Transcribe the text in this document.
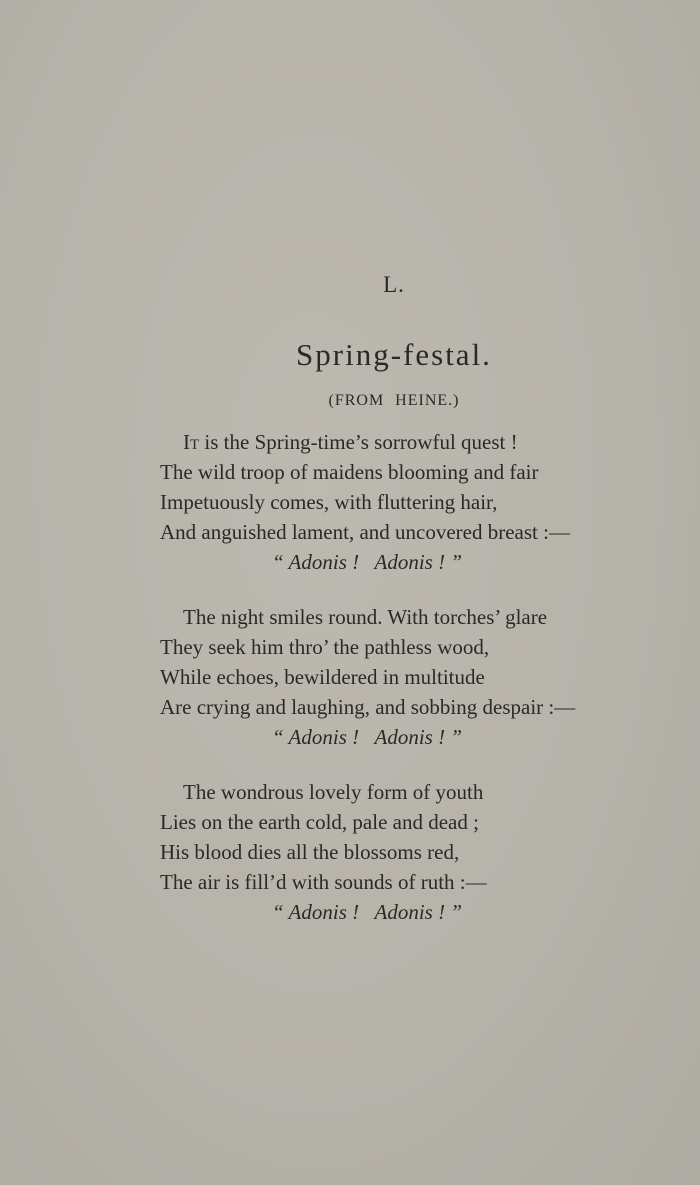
L.
Spring-festal.
(FROM HEINE.)
It is the Spring-time’s sorrowful quest !
The wild troop of maidens blooming and fair
Impetuously comes, with fluttering hair,
And anguished lament, and uncovered breast :—
“ Adonis !   Adonis ! ”
The night smiles round. With torches’ glare
They seek him thro’ the pathless wood,
While echoes, bewildered in multitude
Are crying and laughing, and sobbing despair :—
“ Adonis !   Adonis ! ”
The wondrous lovely form of youth
Lies on the earth cold, pale and dead ;
His blood dies all the blossoms red,
The air is fill’d with sounds of ruth :—
“ Adonis !   Adonis ! ”
